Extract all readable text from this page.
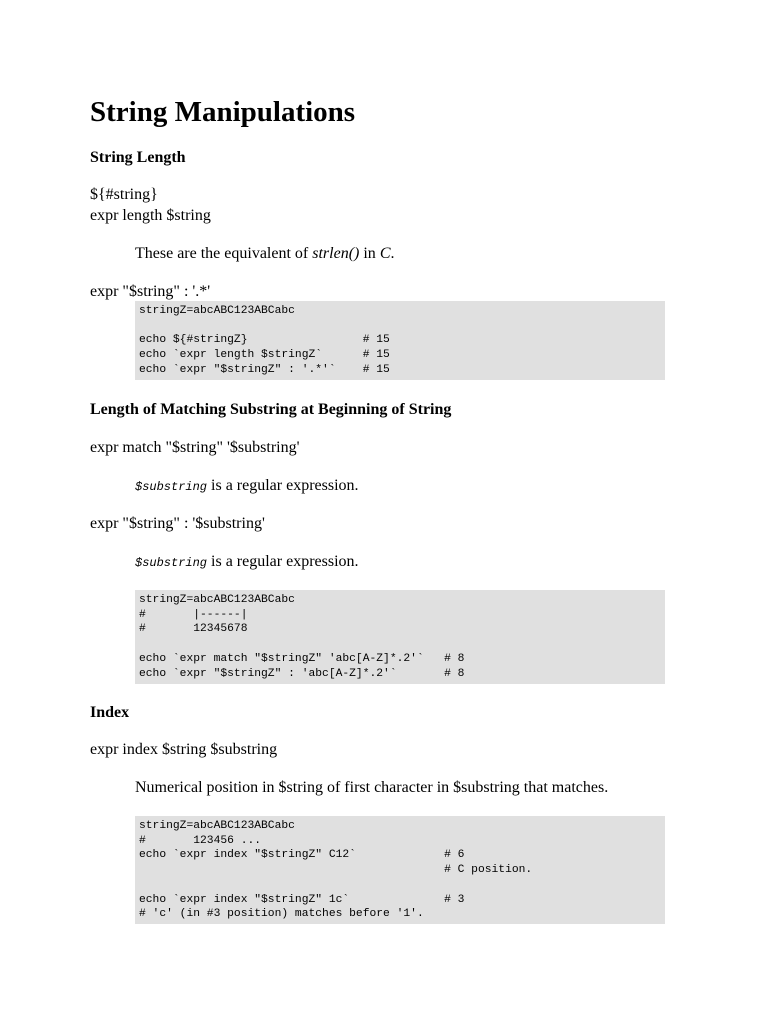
String Manipulations
String Length
${#string}
expr length $string
These are the equivalent of strlen() in C.
expr "$string" : '.*'
stringZ=abcABC123ABCabc

echo ${#stringZ}                 # 15
echo `expr length $stringZ`      # 15
echo `expr "$stringZ" : '.*'`    # 15
Length of Matching Substring at Beginning of String
expr match "$string" '$substring'
$substring is a regular expression.
expr "$string" : '$substring'
$substring is a regular expression.
stringZ=abcABC123ABCabc
#       |------|
#       12345678

echo `expr match "$stringZ" 'abc[A-Z]*.2'`   # 8
echo `expr "$stringZ" : 'abc[A-Z]*.2'`       # 8
Index
expr index $string $substring
Numerical position in $string of first character in $substring that matches.
stringZ=abcABC123ABCabc
#       123456 ...
echo `expr index "$stringZ" C12`             # 6
# C position.

echo `expr index "$stringZ" 1c`              # 3
# 'c' (in #3 position) matches before '1'.
